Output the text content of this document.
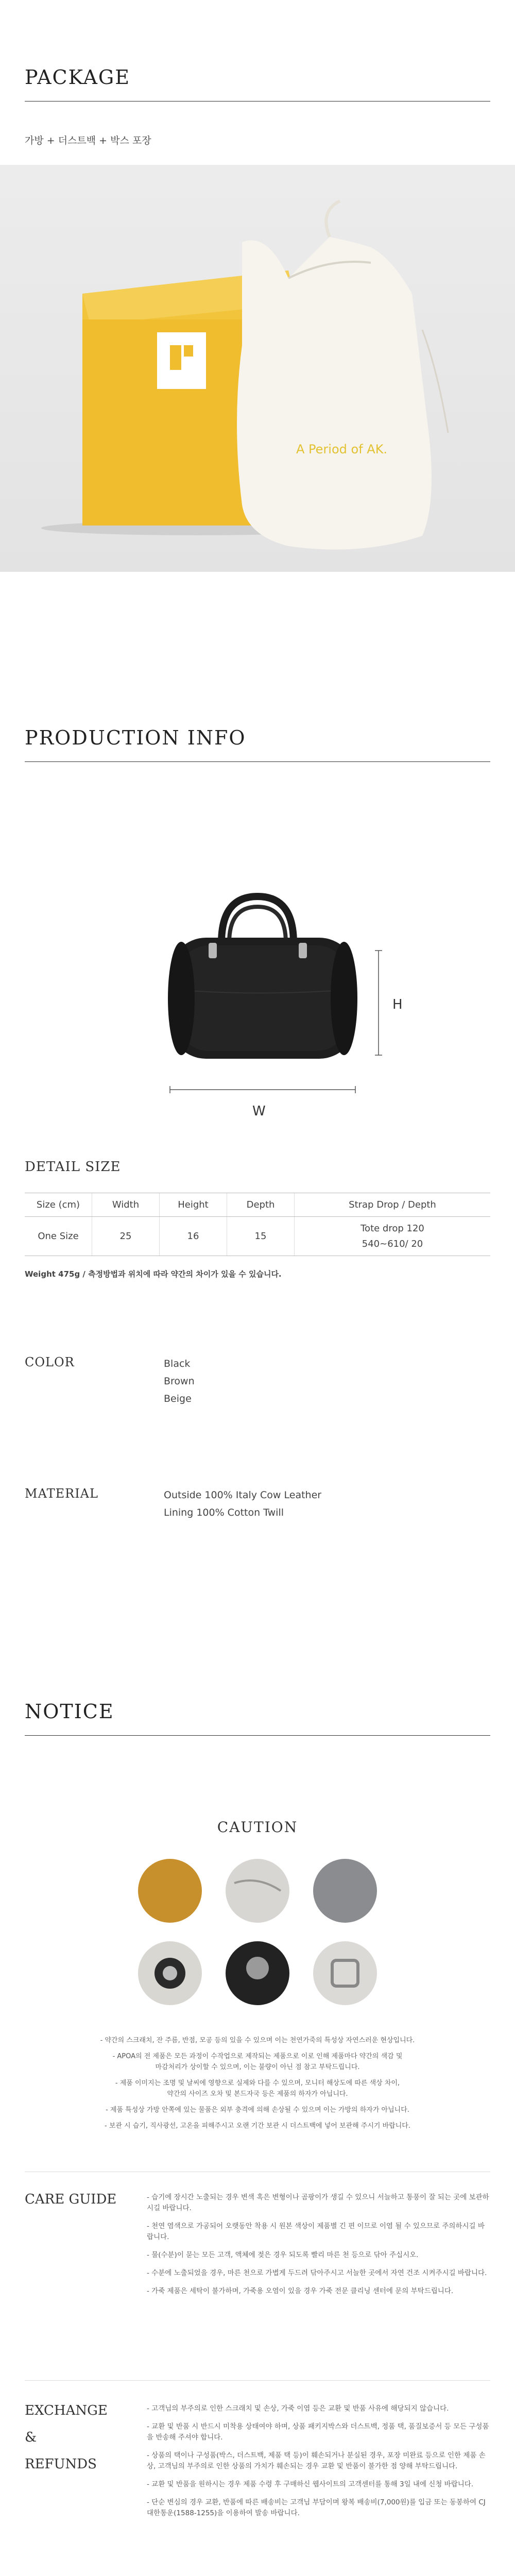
PACKAGE
가방 + 더스트백 + 박스 포장
A Period of AK.
PRODUCTION INFO
H
W
DETAIL SIZE
Size (cm)	Width	Height	Depth	Strap Drop / Depth
One Size	25	16	15	Tote drop 120
540~610/ 20
Weight 475g / 측정방법과 위치에 따라 약간의 차이가 있을 수 있습니다.
COLOR	Black
Brown
Beige
MATERIAL	Outside 100% Italy Cow Leather
Lining 100% Cotton Twill
NOTICE
CAUTION
- 약간의 스크래치, 잔 주름, 반점, 모공 등의 있을 수 있으며 이는 천연가죽의 특성상 자연스러운 현상입니다.
- APOA의 전 제품은 모든 과정이 수작업으로 제작되는 제품으로 이로 인해 제품마다 약간의 색감 및
마감처리가 상이할 수 있으며, 이는 불량이 아닌 점 참고 부탁드립니다.
- 제품 이미지는 조명 및 날씨에 영향으로 실제와 다를 수 있으며, 모니터 해상도에 따른 색상 차이,
약간의 사이즈 오차 및 본드자국 등은 제품의 하자가 아닙니다.
- 제품 특성상 가방 안쪽에 있는 물품은 외부 충격에 의해 손상될 수 있으며 이는 가방의 하자가 아닙니다.
- 보관 시 습기, 직사광선, 고온을 피해주시고 오랜 기간 보관 시 더스트백에 넣어 보관해 주시기 바랍니다.
CARE GUIDE	- 습기에 장시간 노출되는 경우 변색 혹은 변형이나 곰팡이가 생길 수 있으니 서늘하고 통풍이 잘 되는 곳에 보관하시길 바랍니다.

- 천연 염색으로 가공되어 오랫동안 착용 시 원본 색상이 제품별 긴 편 이므로 이염 될 수 있으므로 주의하시길 바랍니다.

- 물(수분)이 묻는 모든 고객, 액체에 젖은 경우 되도록 빨리 마른 천 등으로 닦아 주십시오.

- 수분에 노출되었을 경우, 마른 천으로 가볍게 두드려 닦아주시고 서늘한 곳에서 자연 건조 시켜주시길 바랍니다.

- 가죽 제품은 세탁이 불가하며, 가죽용 오염이 있을 경우 가죽 전문 클리닝 센터에 문의 부탁드립니다.

EXCHANGE
&
REFUNDS

- 고객님의 부주의로 인한 스크래치 및 손상, 가죽 이염 등은 교환 및 반품 사유에 해당되지 않습니다.

- 교환 및 반품 시 반드시 미착용 상태여야 하며, 상품 패키지박스와 더스트백, 정품 택, 품질보증서 등 모든 구성품을 반송해 주셔야 합니다.

- 상품의 택이나 구성품(박스, 더스트백, 제품 택 등)이 훼손되거나 분실된 경우, 포장 미완료 등으로 인한 제품 손상, 고객님의 부주의로 인한 상품의 가치가 훼손되는 경우 교환 및 반품이 불가한 점 양해 부탁드립니다.

- 교환 및 반품을 원하시는 경우 제품 수령 후 구매하신 웹사이트의 고객센터를 통해 3일 내에 신청 바랍니다.

- 단순 변심의 경우 교환, 반품에 따른 배송비는 고객님 부담이며 왕복 배송비(7,000원)를 입금 또는 동봉하여 CJ대한통운(1588-1255)을 이용하여 발송 바랍니다.
